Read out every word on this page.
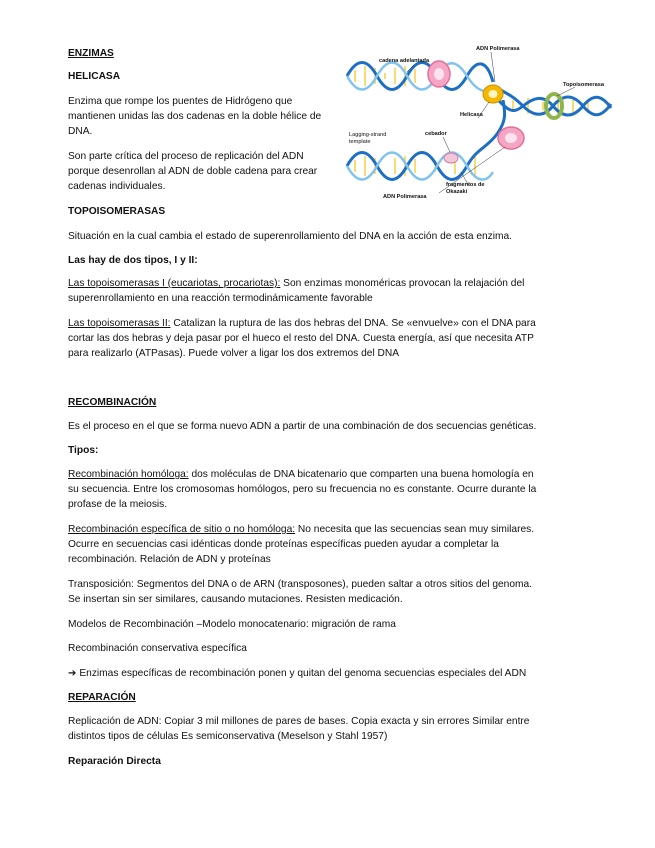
ENZIMAS

HELICASA

Enzima que rompe los puentes de Hidrógeno que

mantienen unidas las dos cadenas en la doble hélice de

DNA.

Son parte crítica del proceso de replicación del ADN

porque desenrollan al ADN de doble cadena para crear

cadenas individuales.

ADN Polimerasa
cadena adelantada
Topoisomerasa
Helicasa
Lagging-strand
template
cebador
fragmentos de
Okazaki
ADN Polimerasa

TOPOISOMERASAS

Situación en la cual cambia el estado de superenrollamiento del DNA en la acción de esta enzima.

Las hay de dos tipos, I y II:

Las topoisomerasas I (eucariotas, procariotas): Son enzimas monoméricas provocan la relajación del

superenrollamiento en una reacción termodinámicamente favorable

Las topoisomerasas II: Catalizan la ruptura de las dos hebras del DNA. Se «envuelve» con el DNA para

cortar las dos hebras y deja pasar por el hueco el resto del DNA. Cuesta energía, así que necesita ATP

para realizarlo (ATPasas). Puede volver a ligar los dos extremos del DNA

RECOMBINACIÓN

Es el proceso en el que se forma nuevo ADN a partir de una combinación de dos secuencias genéticas.

Tipos:

Recombinación homóloga: dos moléculas de DNA bicatenario que comparten una buena homología en

su secuencia. Entre los cromosomas homólogos, pero su frecuencia no es constante. Ocurre durante la

profase de la meiosis.

Recombinación específica de sitio o no homóloga: No necesita que las secuencias sean muy similares.

Ocurre en secuencias casi idénticas donde proteínas específicas pueden ayudar a completar la

recombinación. Relación de ADN y proteínas

Transposición: Segmentos del DNA o de ARN (transposones), pueden saltar a otros sitios del genoma.

Se insertan sin ser similares, causando mutaciones. Resisten medicación.

Modelos de Recombinación –Modelo monocatenario: migración de rama

Recombinación conservativa específica

➔ Enzimas específicas de recombinación ponen y quitan del genoma secuencias especiales del ADN

REPARACIÓN

Replicación de ADN: Copiar 3 mil millones de pares de bases. Copia exacta y sin errores Similar entre

distintos tipos de células Es semiconservativa (Meselson y Stahl 1957)

Reparación Directa
